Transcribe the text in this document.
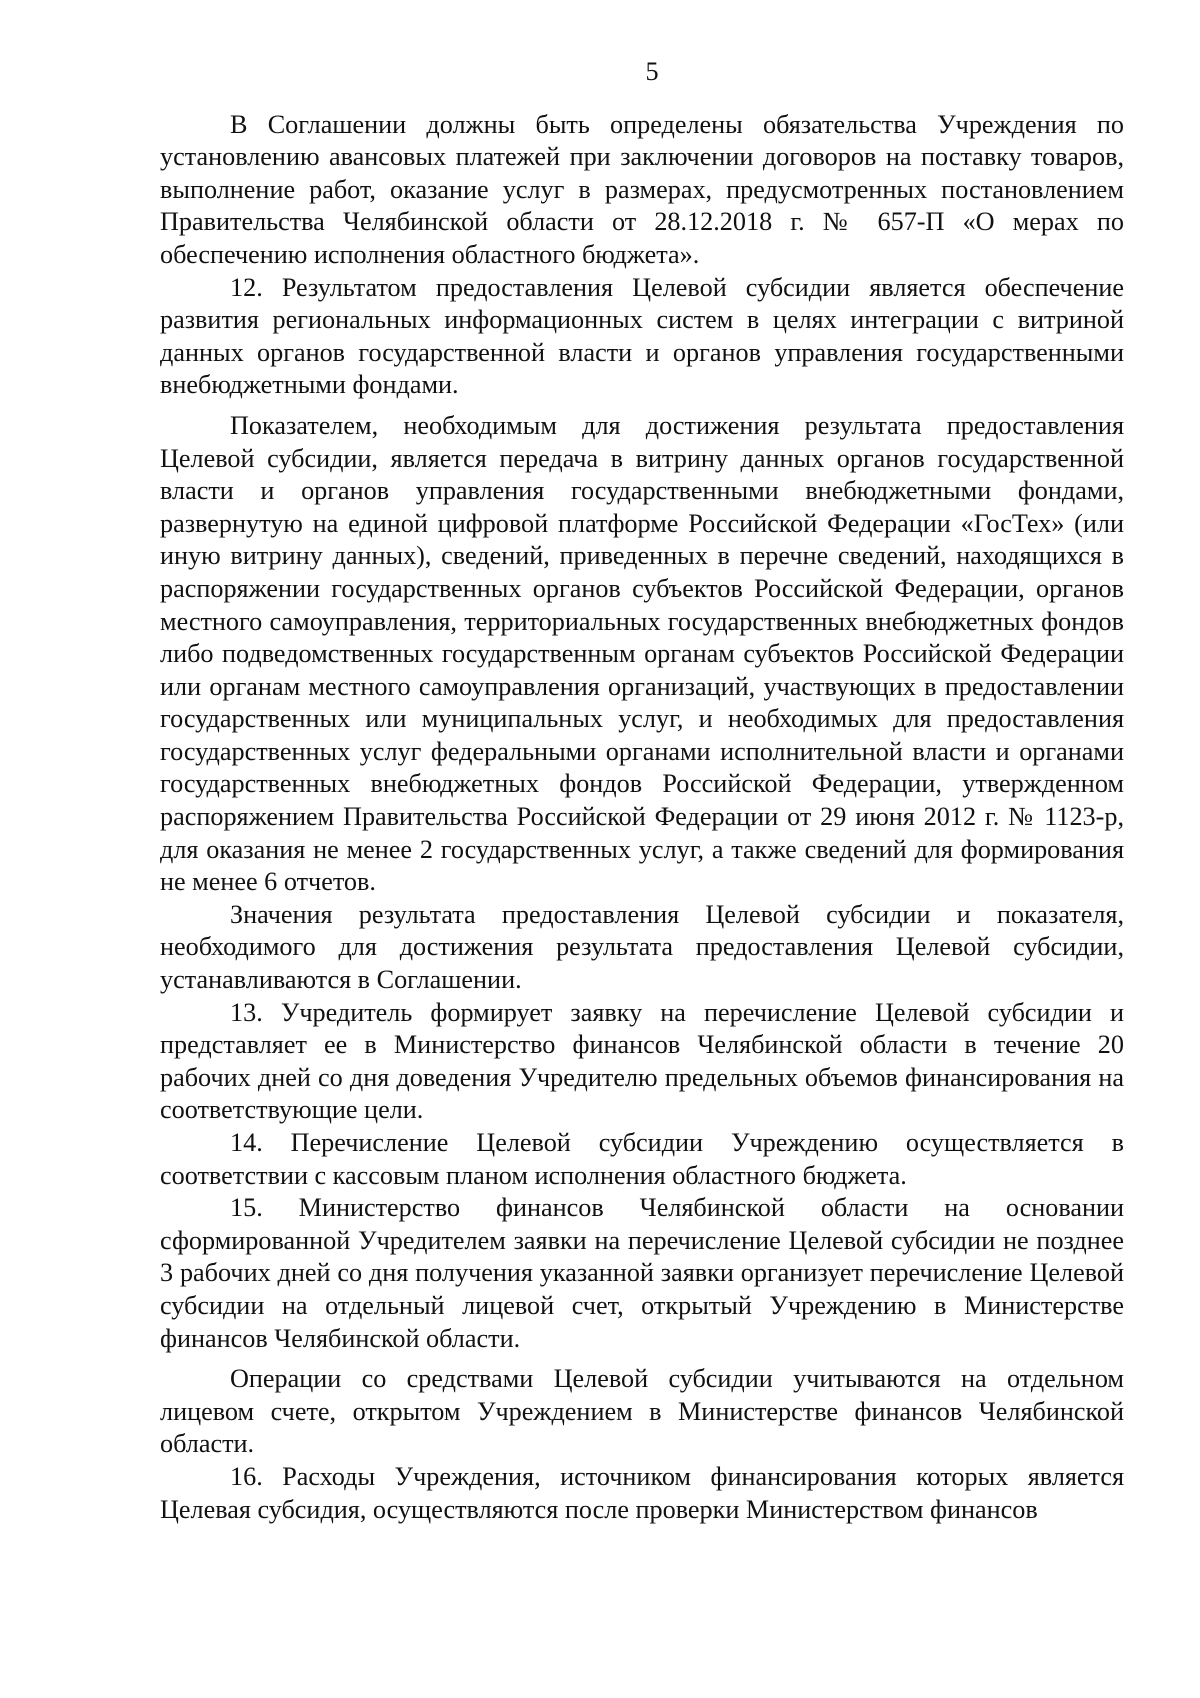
5

В Соглашении должны быть определены обязательства Учреждения по установлению авансовых платежей при заключении договоров на поставку товаров, выполнение работ, оказание услуг в размерах, предусмотренных постановлением Правительства Челябинской области от 28.12.2018 г. № 657-П «О мерах по обеспечению исполнения областного бюджета».

12. Результатом предоставления Целевой субсидии является обеспечение развития региональных информационных систем в целях интеграции с витриной данных органов государственной власти и органов управления государственными внебюджетными фондами.

Показателем, необходимым для достижения результата предоставления Целевой субсидии, является передача в витрину данных органов государственной власти и органов управления государственными внебюджетными фондами, развернутую на единой цифровой платформе Российской Федерации «ГосТех» (или иную витрину данных), сведений, приведенных в перечне сведений, находящихся в распоряжении государственных органов субъектов Российской Федерации, органов местного самоуправления, территориальных государственных внебюджетных фондов либо подведомственных государственным органам субъектов Российской Федерации или органам местного самоуправления организаций, участвующих в предоставлении государственных или муниципальных услуг, и необходимых для предоставления государственных услуг федеральными органами исполнительной власти и органами государственных внебюджетных фондов Российской Федерации, утвержденном распоряжением Правительства Российской Федерации от 29 июня 2012 г. № 1123-р, для оказания не менее 2 государственных услуг, а также сведений для формирования не менее 6 отчетов.

Значения результата предоставления Целевой субсидии и показателя, необходимого для достижения результата предоставления Целевой субсидии, устанавливаются в Соглашении.

13. Учредитель формирует заявку на перечисление Целевой субсидии и представляет ее в Министерство финансов Челябинской области в течение 20 рабочих дней со дня доведения Учредителю предельных объемов финансирования на соответствующие цели.

14. Перечисление Целевой субсидии Учреждению осуществляется в соответствии с кассовым планом исполнения областного бюджета.

15. Министерство финансов Челябинской области на основании сформированной Учредителем заявки на перечисление Целевой субсидии не позднее 3 рабочих дней со дня получения указанной заявки организует перечисление Целевой субсидии на отдельный лицевой счет, открытый Учреждению в Министерстве финансов Челябинской области.

Операции со средствами Целевой субсидии учитываются на отдельном лицевом счете, открытом Учреждением в Министерстве финансов Челябинской области.

16. Расходы Учреждения, источником финансирования которых является Целевая субсидия, осуществляются после проверки Министерством финансов
